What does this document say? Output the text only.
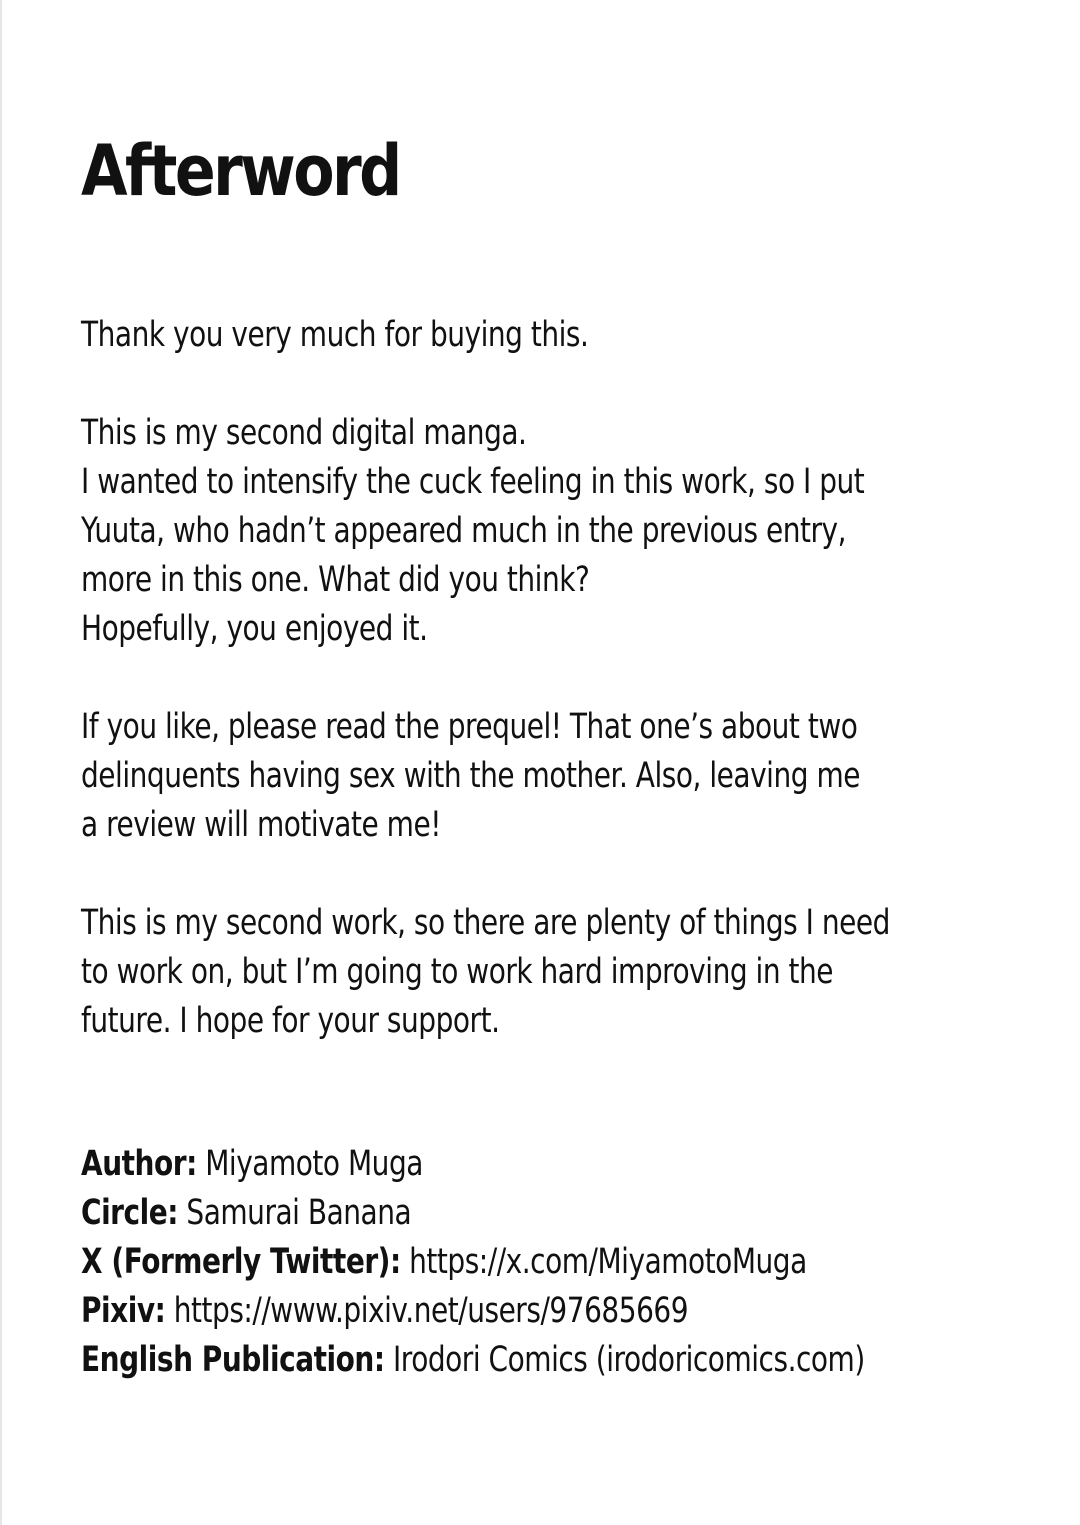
Afterword

Thank you very much for buying this.

This is my second digital manga.
I wanted to intensify the cuck feeling in this work, so I put
Yuuta, who hadn’t appeared much in the previous entry,
more in this one. What did you think?
Hopefully, you enjoyed it.

If you like, please read the prequel! That one’s about two
delinquents having sex with the mother. Also, leaving me
a review will motivate me!

This is my second work, so there are plenty of things I need
to work on, but I’m going to work hard improving in the
future. I hope for your support.

Author: Miyamoto Muga
Circle: Samurai Banana
X (Formerly Twitter): https://x.com/MiyamotoMuga
Pixiv: https://www.pixiv.net/users/97685669
English Publication: Irodori Comics (irodoricomics.com)
